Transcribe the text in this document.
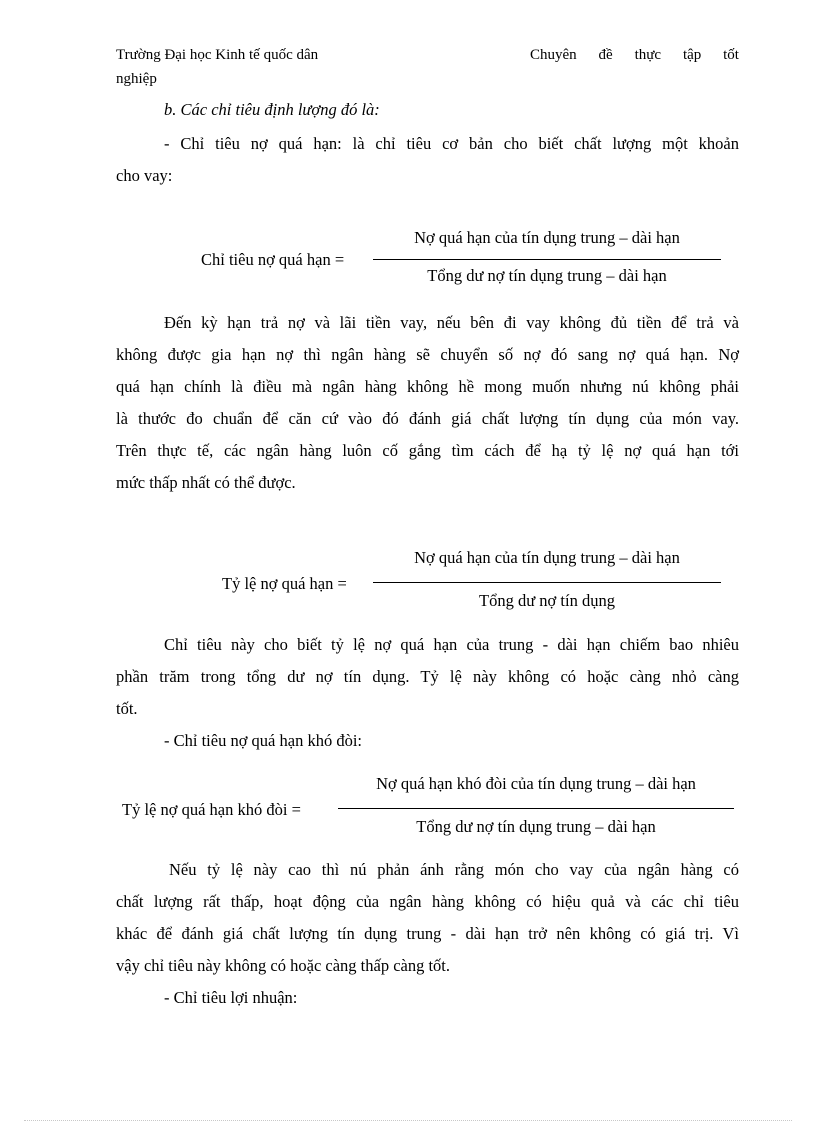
Trường Đại học Kinh tế quốc dân
nghiệp
Chuyên đề thực tập tốt
b. Các chỉ tiêu định lượng đó là:
- Chỉ tiêu nợ quá hạn: là chỉ tiêu cơ bản cho biết chất lượng một khoản
cho vay:
Chỉ tiêu nợ quá hạn =
Nợ quá hạn của tín dụng trung – dài hạn
Tổng dư nợ tín dụng trung – dài hạn
Đến kỳ hạn trả nợ và lãi tiền vay, nếu bên đi vay không đủ tiền để trả và
không được gia hạn nợ thì ngân hàng sẽ chuyển số nợ đó sang nợ quá hạn. Nợ
quá hạn chính là điều mà ngân hàng không hề mong muốn nhưng nú không phải
là thước đo chuẩn để căn cứ vào đó đánh giá chất lượng tín dụng của món vay.
Trên thực tế, các ngân hàng luôn cố gắng tìm cách để hạ tỷ lệ nợ quá hạn tới
mức thấp nhất có thể được.
Tỷ lệ nợ quá hạn =
Nợ quá hạn của tín dụng trung – dài hạn
Tổng dư nợ tín dụng
Chỉ tiêu này cho biết tỷ lệ nợ quá hạn của trung - dài hạn chiếm bao nhiêu
phần trăm trong tổng dư nợ tín dụng. Tỷ lệ này không có hoặc càng nhỏ càng
tốt.
- Chỉ tiêu nợ quá hạn khó đòi:
Tỷ lệ nợ quá hạn khó đòi =
Nợ quá hạn khó đòi của tín dụng trung – dài hạn
Tổng dư nợ tín dụng trung – dài hạn
Nếu tỷ lệ này cao thì nú phản ánh rằng món cho vay của ngân hàng có
chất lượng rất thấp, hoạt động của ngân hàng không có hiệu quả và các chỉ tiêu
khác để đánh giá chất lượng tín dụng trung - dài hạn trở nên không có giá trị. Vì
vậy chỉ tiêu này không có hoặc càng thấp càng tốt.
- Chỉ tiêu lợi nhuận:
